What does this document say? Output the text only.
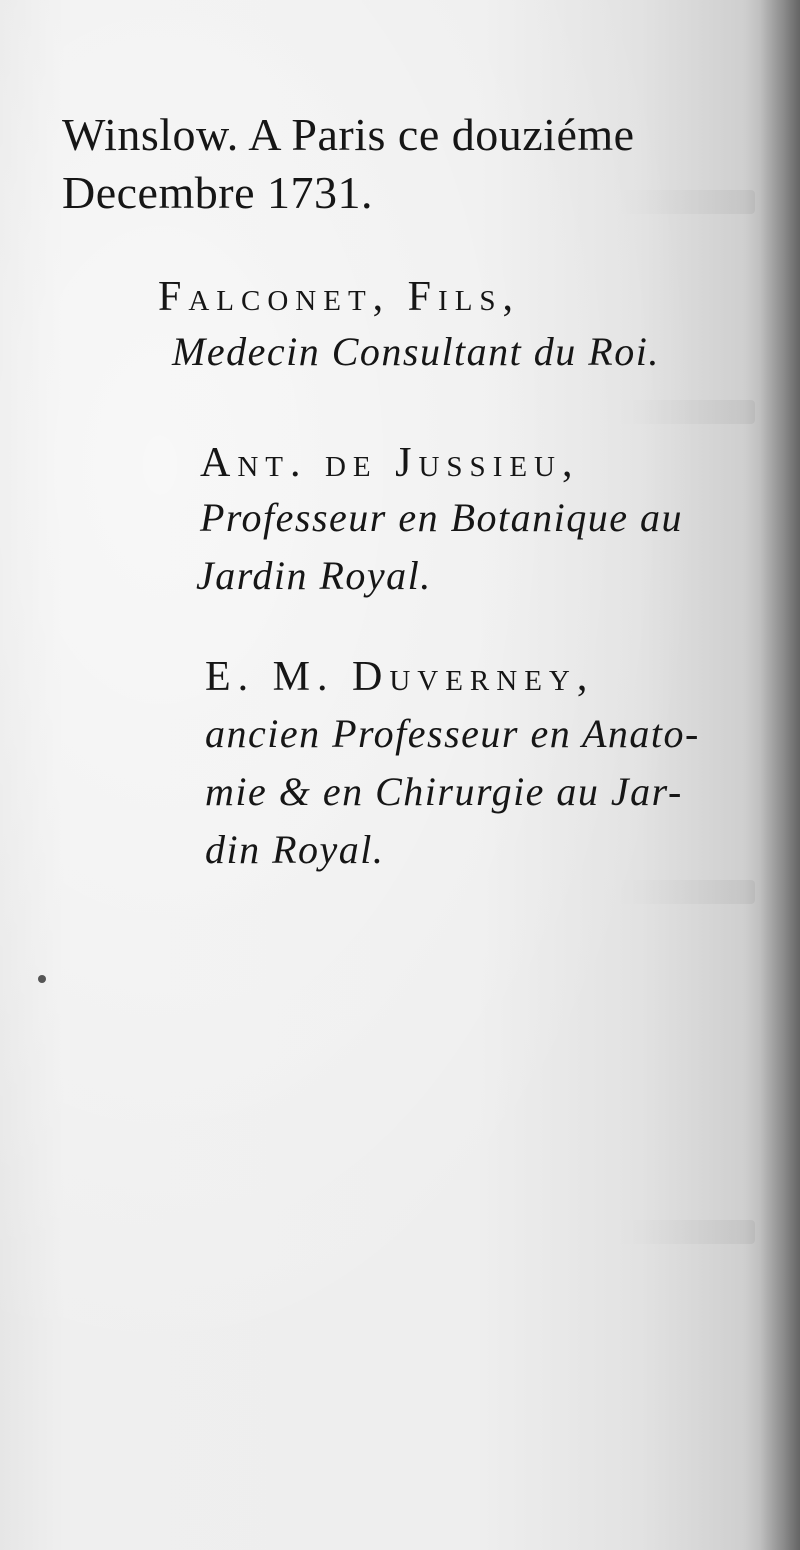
Winslow. A Paris ce douziéme
Decembre 1731.
Falconet, Fils,
Medecin Consultant du Roi.
Ant. de Jussieu,
Professeur en Botanique au
Jardin Royal.
E. M. Duverney,
ancien Professeur en Anato-
mie & en Chirurgie au Jar-
din Royal.
